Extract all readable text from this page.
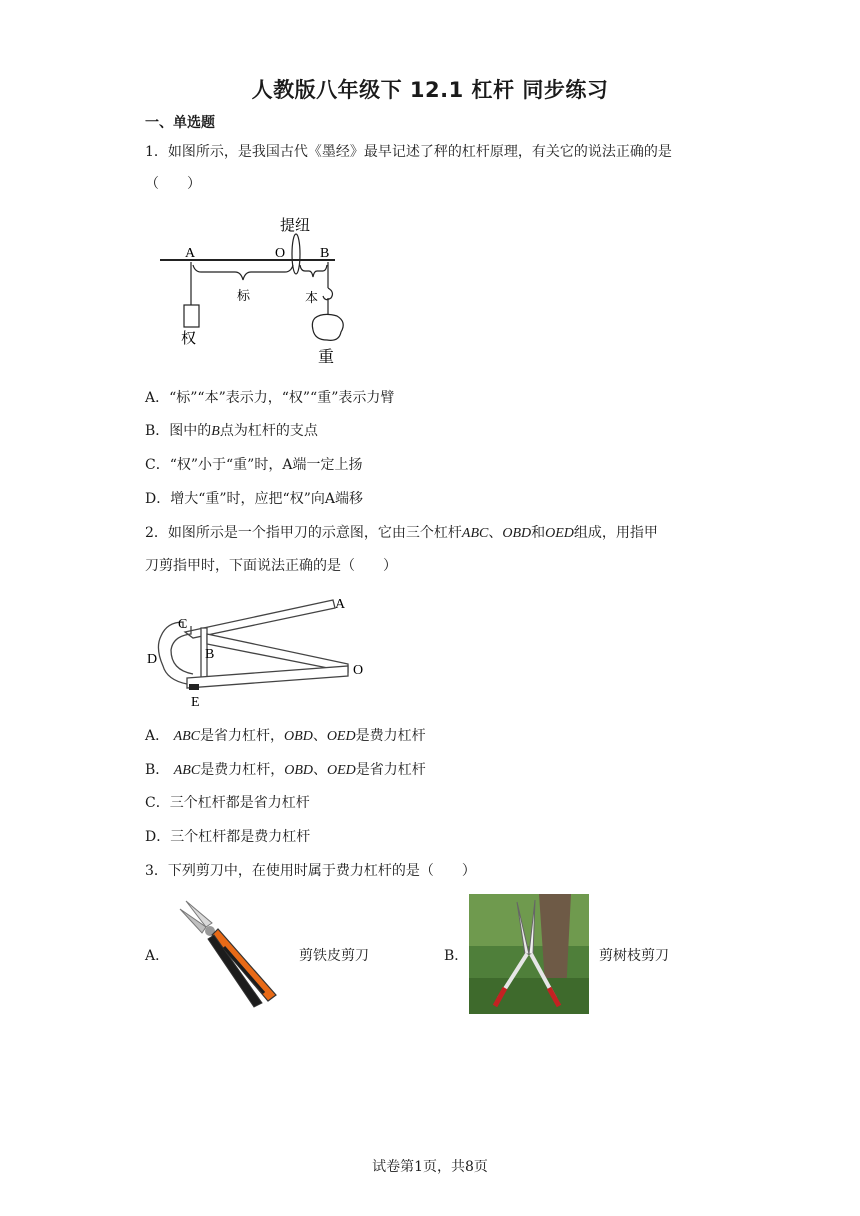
人教版八年级下 12.1 杠杆 同步练习
一、单选题
1．如图所示，是我国古代《墨经》最早记述了秤的杠杆原理，有关它的说法正确的是
（　　）
A	O B
提纽
权
标	本
重
A．“标”“本”表示力，“权”“重”表示力臂
B．图中的B点为杠杆的支点
C．“权”小于“重”时，A端一定上扬
D．增大“重”时，应把“权”向A端移
2．如图所示是一个指甲刀的示意图，它由三个杠杆ABC、OBD和OED组成，用指甲
刀剪指甲时，下面说法正确的是（　　）
A
C
B
D
E
O
A． ABC是省力杠杆，OBD、OED是费力杠杆
B． ABC是费力杠杆，OBD、OED是省力杠杆
C．三个杠杆都是省力杠杆
D．三个杠杆都是费力杠杆
3．下列剪刀中，在使用时属于费力杠杆的是（　　）
A．	剪铁皮剪刀	B．	剪树枝剪刀
试卷第1页，共8页
